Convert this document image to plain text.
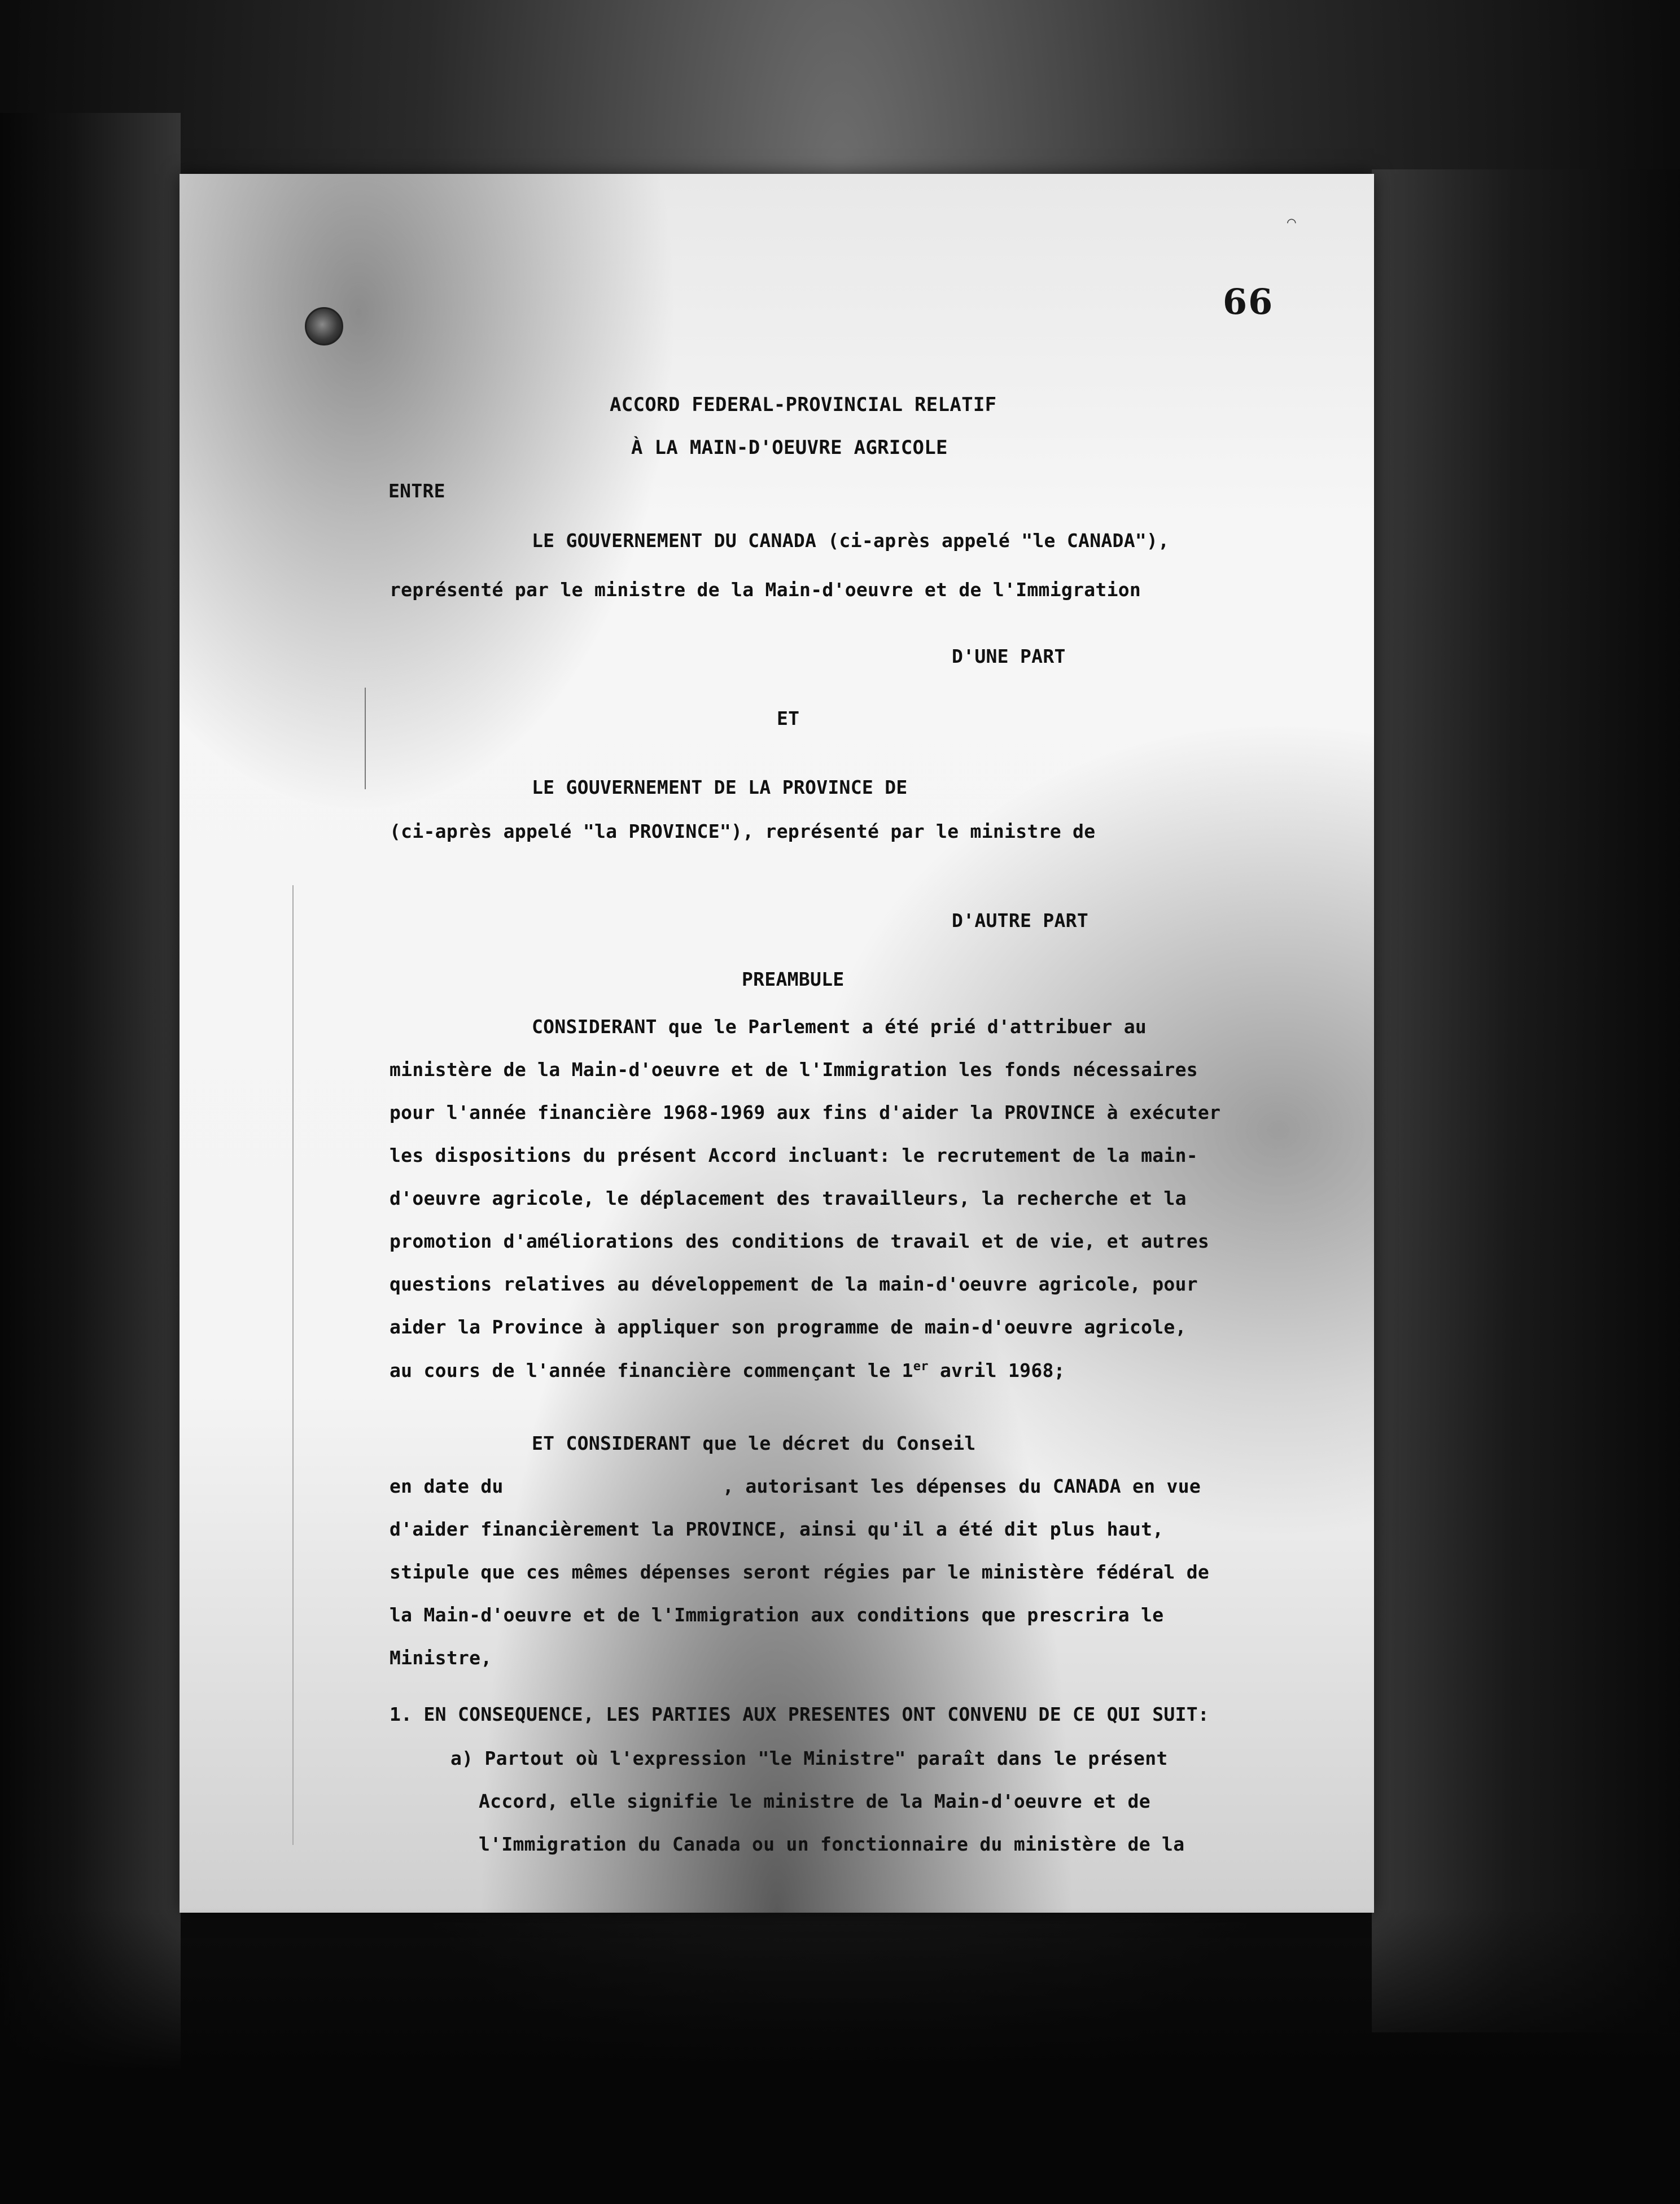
⌒
66
ACCORD FEDERAL-PROVINCIAL RELATIF
À LA MAIN-D'OEUVRE AGRICOLE
ENTRE
LE GOUVERNEMENT DU CANADA (ci-après appelé "le CANADA"),
représenté par le ministre de la Main-d'oeuvre et de l'Immigration
D'UNE PART
ET
LE GOUVERNEMENT DE LA PROVINCE DE
(ci-après appelé "la PROVINCE"), représenté par le ministre de
D'AUTRE PART
PREAMBULE
CONSIDERANT que le Parlement a été prié d'attribuer au
ministère de la Main-d'oeuvre et de l'Immigration les fonds nécessaires
pour l'année financière 1968-1969 aux fins d'aider la PROVINCE à exécuter
les dispositions du présent Accord incluant: le recrutement de la main-
d'oeuvre agricole, le déplacement des travailleurs, la recherche et la
promotion d'améliorations des conditions de travail et de vie, et autres
questions relatives au développement de la main-d'oeuvre agricole, pour
aider la Province à appliquer son programme de main-d'oeuvre agricole,
au cours de l'année financière commençant le 1er avril 1968;
ET CONSIDERANT que le décret du Conseil
en date du	, autorisant les dépenses du CANADA en vue
d'aider financièrement la PROVINCE, ainsi qu'il a été dit plus haut,
stipule que ces mêmes dépenses seront régies par le ministère fédéral de
la Main-d'oeuvre et de l'Immigration aux conditions que prescrira le
Ministre,
1. EN CONSEQUENCE, LES PARTIES AUX PRESENTES ONT CONVENU DE CE QUI SUIT:
a) Partout où l'expression "le Ministre" paraît dans le présent
Accord, elle signifie le ministre de la Main-d'oeuvre et de
l'Immigration du Canada ou un fonctionnaire du ministère de la
